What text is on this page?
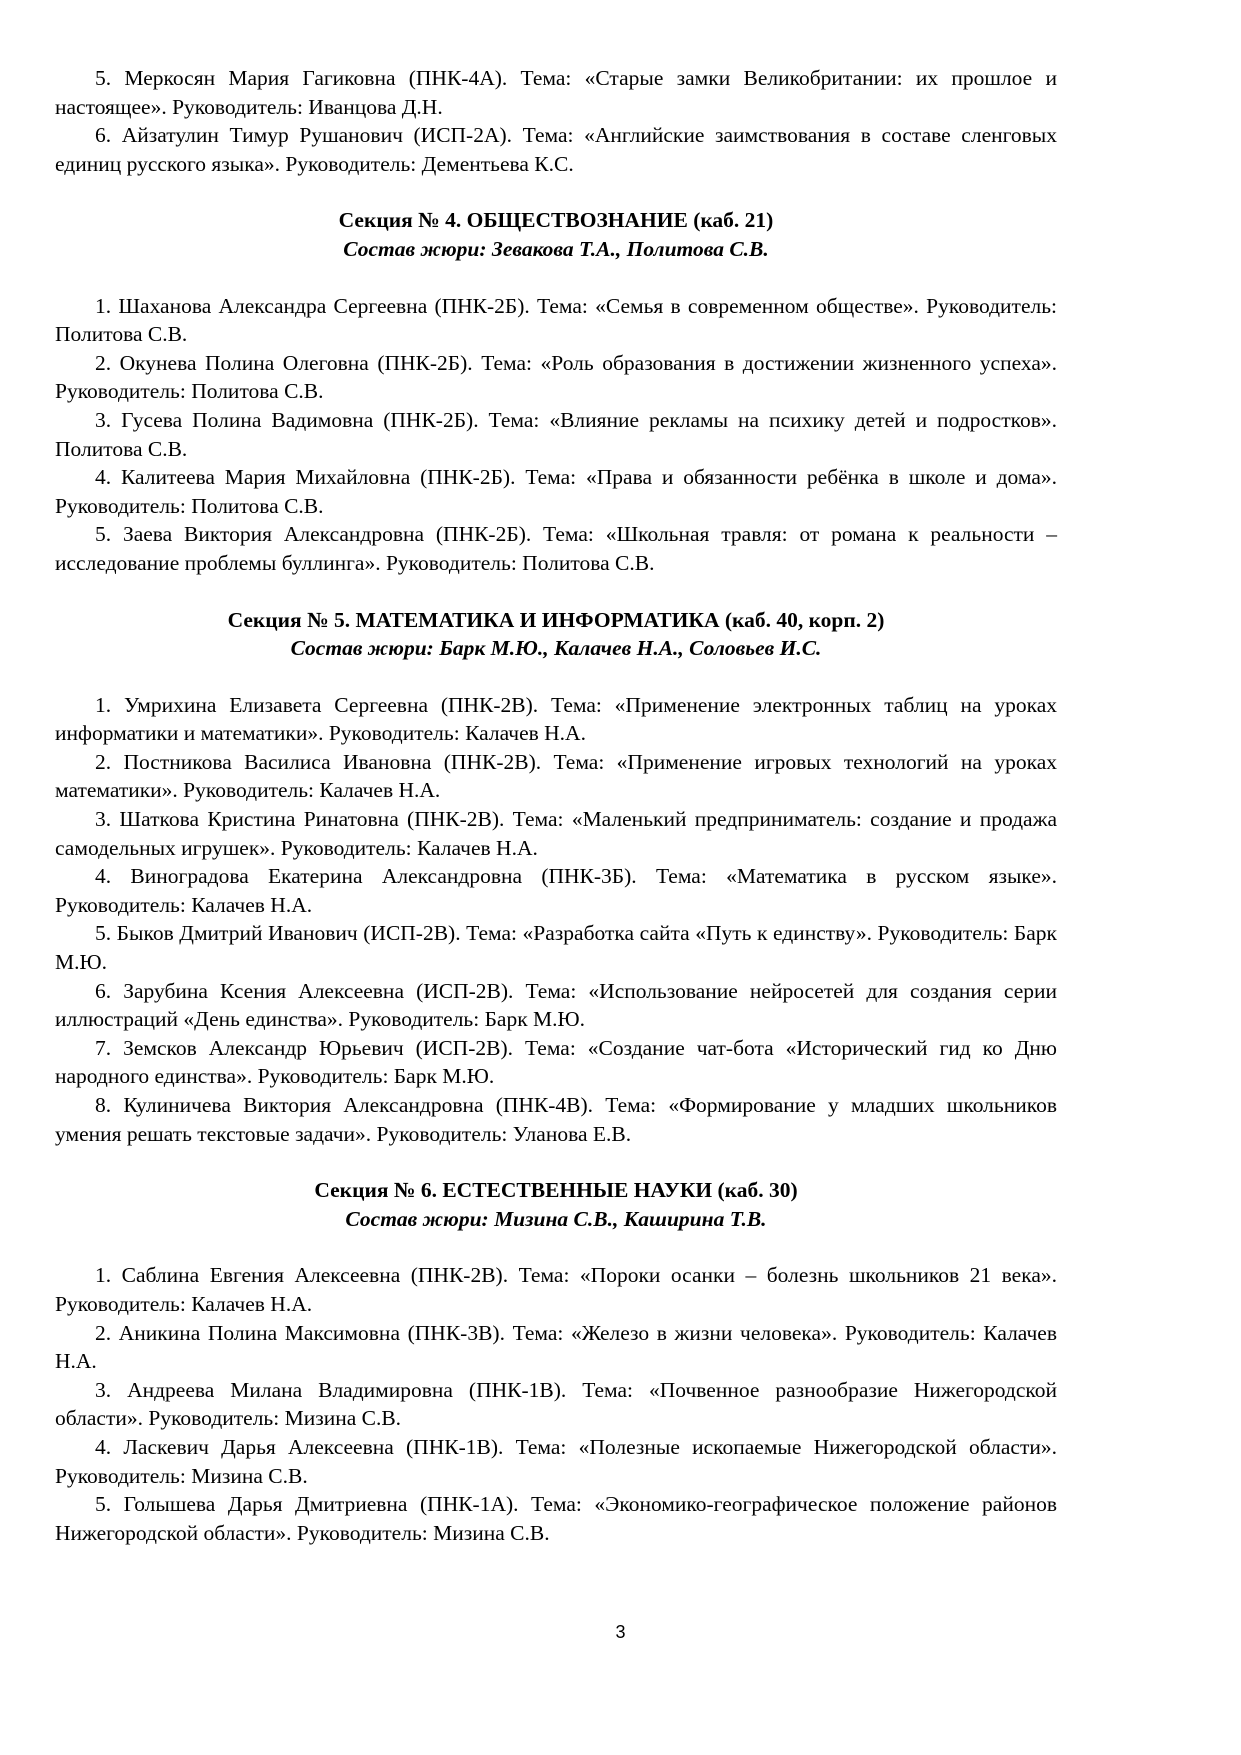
5. Меркосян Мария Гагиковна (ПНК-4А). Тема: «Старые замки Великобритании: их прошлое и настоящее». Руководитель: Иванцова Д.Н.

6. Айзатулин Тимур Рушанович (ИСП-2А). Тема: «Английские заимствования в составе сленговых единиц русского языка». Руководитель: Дементьева К.С.

Секция № 4. ОБЩЕСТВОЗНАНИЕ (каб. 21)

Состав жюри: Зевакова Т.А., Политова С.В.

1. Шаханова Александра Сергеевна (ПНК-2Б). Тема: «Семья в современном обществе». Руководитель: Политова С.В.

2. Окунева Полина Олеговна (ПНК-2Б). Тема: «Роль образования в достижении жизненного успеха». Руководитель: Политова С.В.

3. Гусева Полина Вадимовна (ПНК-2Б). Тема: «Влияние рекламы на психику детей и подростков». Политова С.В.

4. Калитеева Мария Михайловна (ПНК-2Б). Тема: «Права и обязанности ребёнка в школе и дома». Руководитель: Политова С.В.

5. Заева Виктория Александровна (ПНК-2Б). Тема: «Школьная травля: от романа к реальности – исследование проблемы буллинга». Руководитель: Политова С.В.

Секция № 5. МАТЕМАТИКА И ИНФОРМАТИКА (каб. 40, корп. 2)

Состав жюри: Барк М.Ю., Калачев Н.А., Соловьев И.С.

1. Умрихина Елизавета Сергеевна (ПНК-2В). Тема: «Применение электронных таблиц на уроках информатики и математики». Руководитель: Калачев Н.А.

2. Постникова Василиса Ивановна (ПНК-2В). Тема: «Применение игровых технологий на уроках математики». Руководитель: Калачев Н.А.

3. Шаткова Кристина Ринатовна (ПНК-2В). Тема: «Маленький предприниматель: создание и продажа самодельных игрушек». Руководитель: Калачев Н.А.

4. Виноградова Екатерина Александровна (ПНК-3Б). Тема: «Математика в русском языке». Руководитель: Калачев Н.А.

5. Быков Дмитрий Иванович (ИСП-2В). Тема: «Разработка сайта «Путь к единству». Руководитель: Барк М.Ю.

6. Зарубина Ксения Алексеевна (ИСП-2В). Тема: «Использование нейросетей для создания серии иллюстраций «День единства». Руководитель: Барк М.Ю.

7. Земсков Александр Юрьевич (ИСП-2В). Тема: «Создание чат-бота «Исторический гид ко Дню народного единства». Руководитель: Барк М.Ю.

8. Кулиничева Виктория Александровна (ПНК-4В). Тема: «Формирование у младших школьников умения решать текстовые задачи». Руководитель: Уланова Е.В.

Секция № 6. ЕСТЕСТВЕННЫЕ НАУКИ (каб. 30)

Состав жюри: Мизина С.В., Каширина Т.В.

1. Саблина Евгения Алексеевна (ПНК-2В). Тема: «Пороки осанки – болезнь школьников 21 века». Руководитель: Калачев Н.А.

2. Аникина Полина Максимовна (ПНК-3В). Тема: «Железо в жизни человека». Руководитель: Калачев Н.А.

3. Андреева Милана Владимировна (ПНК-1В). Тема: «Почвенное разнообразие Нижегородской области». Руководитель: Мизина С.В.

4. Ласкевич Дарья Алексеевна (ПНК-1В). Тема: «Полезные ископаемые Нижегородской области». Руководитель: Мизина С.В.

5. Голышева Дарья Дмитриевна (ПНК-1А). Тема: «Экономико-географическое положение районов Нижегородской области». Руководитель: Мизина С.В.

3
